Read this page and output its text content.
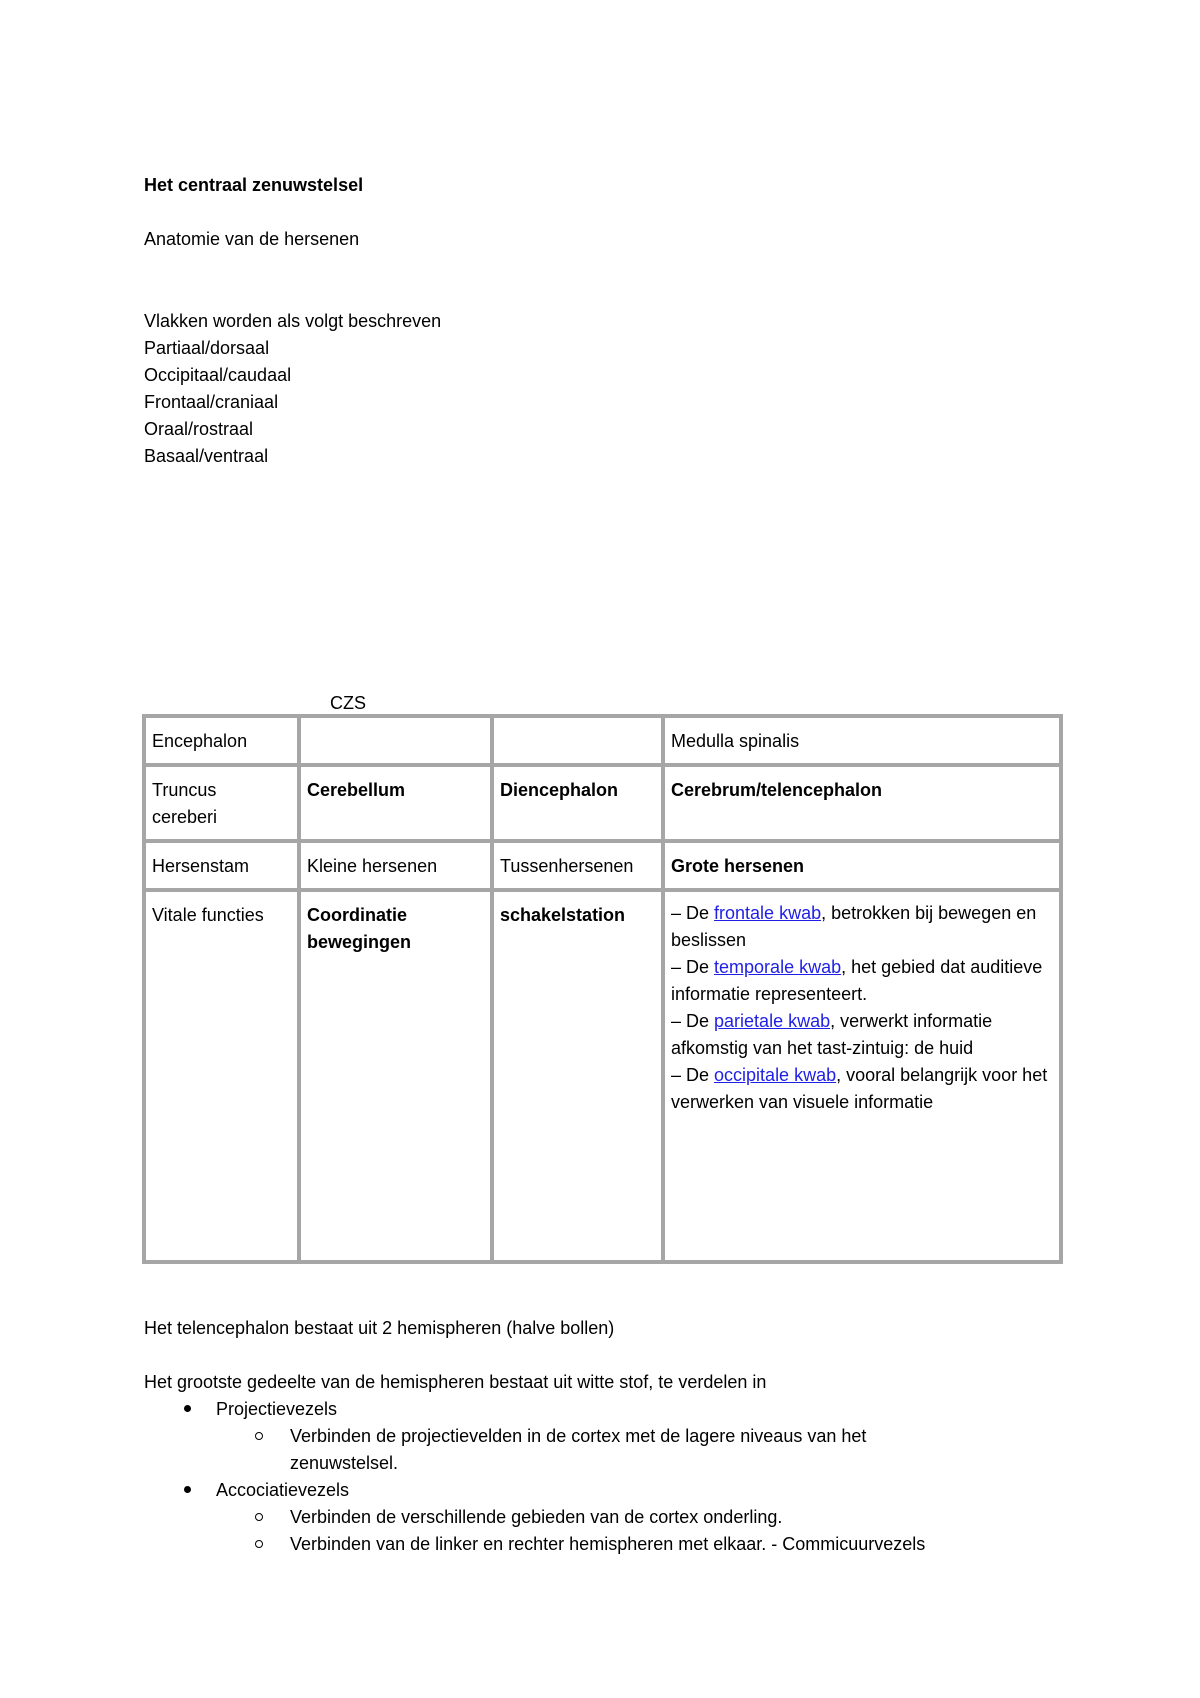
Het centraal zenuwstelsel
Anatomie van de hersenen
Vlakken worden als volgt beschreven
Partiaal/dorsaal
Occipitaal/caudaal
Frontaal/craniaal
Oraal/rostraal
Basaal/ventraal
CZS
Encephalon			Medulla spinalis
Truncus cereberi	Cerebellum	Diencephalon	Cerebrum/telencephalon
Hersenstam	Kleine hersenen	Tussenhersenen	Grote hersenen
Vitale functies	Coordinatie bewegingen	schakelstation	– De frontale kwab, betrokken bij bewegen en beslissen
– De temporale kwab, het gebied dat auditieve informatie representeert.
– De parietale kwab, verwerkt informatie afkomstig van het tast-zintuig: de huid
– De occipitale kwab, vooral belangrijk voor het verwerken van visuele informatie
Het telencephalon bestaat uit 2 hemispheren (halve bollen)
Het grootste gedeelte van de hemispheren bestaat uit witte stof, te verdelen in
Projectievezels
Verbinden de projectievelden in de cortex met de lagere niveaus van het zenuwstelsel.
Accociatievezels
Verbinden de verschillende gebieden van de cortex onderling.
Verbinden van de linker en rechter hemispheren met elkaar. - Commicuurvezels
